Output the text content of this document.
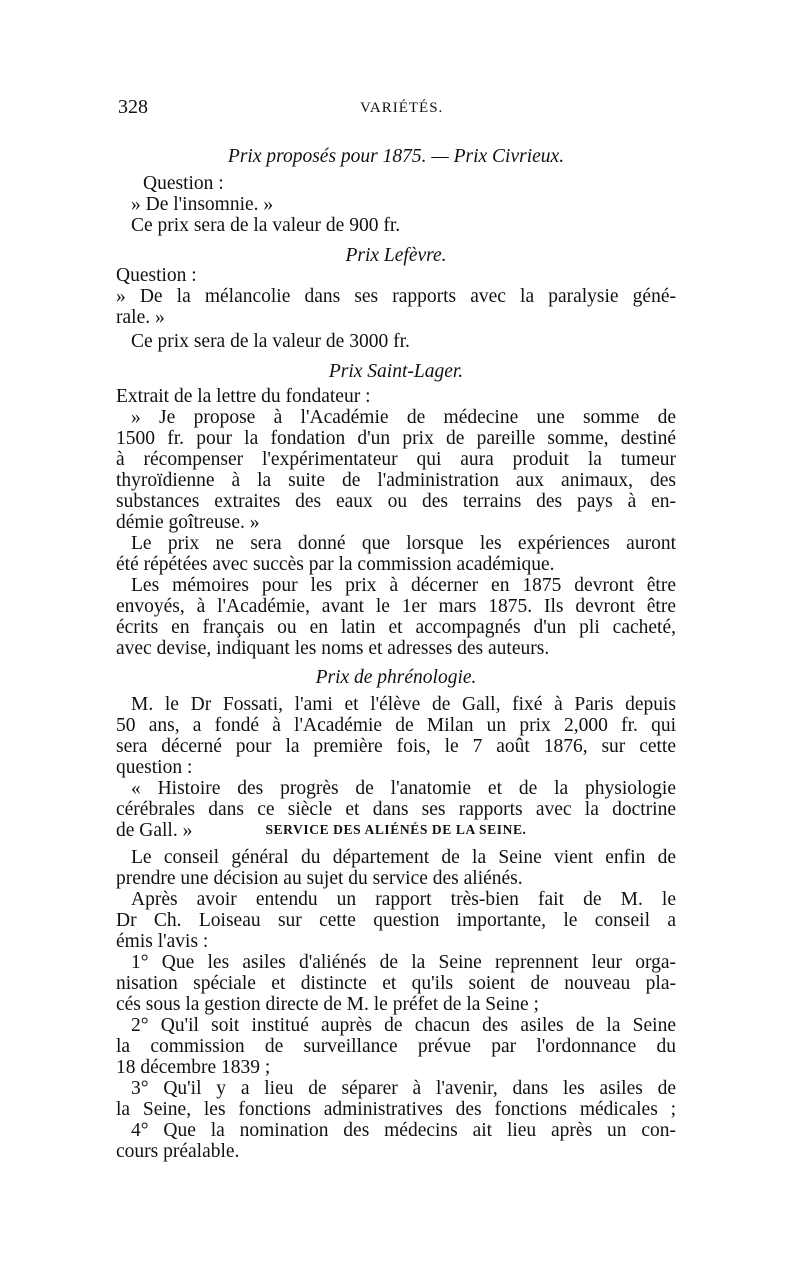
328	VARIÉTÉS.
Prix proposés pour 1875. — Prix Civrieux.
Question :
» De l'insomnie. »
Ce prix sera de la valeur de 900 fr.
Prix Lefèvre.
Question :
» De la mélancolie dans ses rapports avec la paralysie géné-
rale. »
Ce prix sera de la valeur de 3000 fr.
Prix Saint-Lager.
Extrait de la lettre du fondateur :
» Je propose à l'Académie de médecine une somme de
1500 fr. pour la fondation d'un prix de pareille somme, destiné
à récompenser l'expérimentateur qui aura produit la tumeur
thyroïdienne à la suite de l'administration aux animaux, des
substances extraites des eaux ou des terrains des pays à en-
démie goîtreuse. »
Le prix ne sera donné que lorsque les expériences auront
été répétées avec succès par la commission académique.
Les mémoires pour les prix à décerner en 1875 devront être
envoyés, à l'Académie, avant le 1er mars 1875. Ils devront être
écrits en français ou en latin et accompagnés d'un pli cacheté,
avec devise, indiquant les noms et adresses des auteurs.
Prix de phrénologie.
M. le Dr Fossati, l'ami et l'élève de Gall, fixé à Paris depuis
50 ans, a fondé à l'Académie de Milan un prix 2,000 fr. qui
sera décerné pour la première fois, le 7 août 1876, sur cette
question :
« Histoire des progrès de l'anatomie et de la physiologie
cérébrales dans ce siècle et dans ses rapports avec la doctrine
de Gall. »	SERVICE DES ALIÉNÉS DE LA SEINE.
Le conseil général du département de la Seine vient enfin de
prendre une décision au sujet du service des aliénés.
Après avoir entendu un rapport très-bien fait de M. le
Dr Ch. Loiseau sur cette question importante, le conseil a
émis l'avis :
1° Que les asiles d'aliénés de la Seine reprennent leur orga-
nisation spéciale et distincte et qu'ils soient de nouveau pla-
cés sous la gestion directe de M. le préfet de la Seine ;
2° Qu'il soit institué auprès de chacun des asiles de la Seine
la commission de surveillance prévue par l'ordonnance du
18 décembre 1839 ;
3° Qu'il y a lieu de séparer à l'avenir, dans les asiles de
la Seine, les fonctions administratives des fonctions médicales ;
4° Que la nomination des médecins ait lieu après un con-
cours préalable.
